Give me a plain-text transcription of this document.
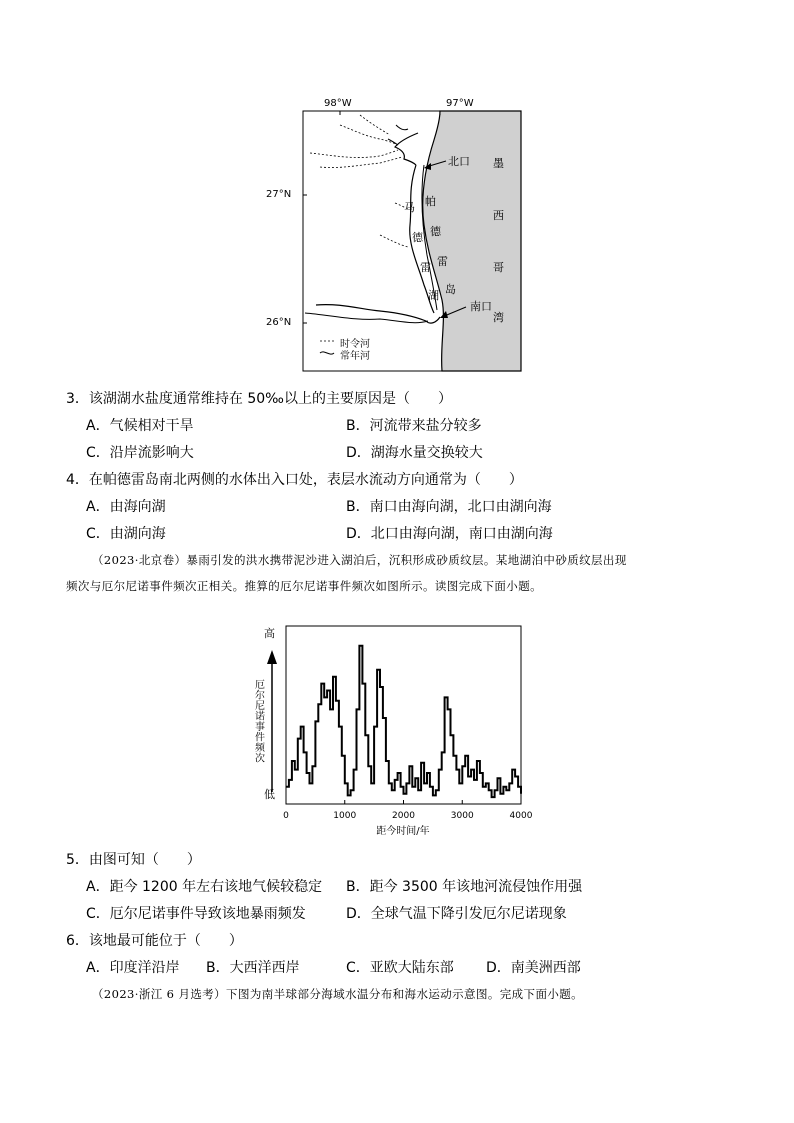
98°W	97°W
27°N
26°N
北口
南口
帕
德
雷
岛
马
德
雷
湖
墨
西
哥
湾
时令河
常年河
3．该湖湖水盐度通常维持在 50‰以上的主要原因是（　　）
A．气候相对干旱	B．河流带来盐分较多
C．沿岸流影响大	D．湖海水量交换较大
4．在帕德雷岛南北两侧的水体出入口处，表层水流动方向通常为（　　）
A．由海向湖	B．南口由海向湖，北口由湖向海
C．由湖向海	D．北口由海向湖，南口由湖向海
（2023·北京卷）暴雨引发的洪水携带泥沙进入湖泊后，沉积形成砂质纹层。某地湖泊中砂质纹层出现
频次与厄尔尼诺事件频次正相关。推算的厄尔尼诺事件频次如图所示。读图完成下面小题。
高
低
厄
尔
尼
诺
事
件
频
次
0	1000	2000	3000	4000
距今时间/年
5．由图可知（　　）
A．距今 1200 年左右该地气候较稳定 B．距今 3500 年该地河流侵蚀作用强
C．厄尔尼诺事件导致该地暴雨频发	D．全球气温下降引发厄尔尼诺现象
6．该地最可能位于（　　）
A．印度洋沿岸 B．大西洋西岸	C．亚欧大陆东部 D．南美洲西部
（2023·浙江 6 月选考）下图为南半球部分海域水温分布和海水运动示意图。完成下面小题。
